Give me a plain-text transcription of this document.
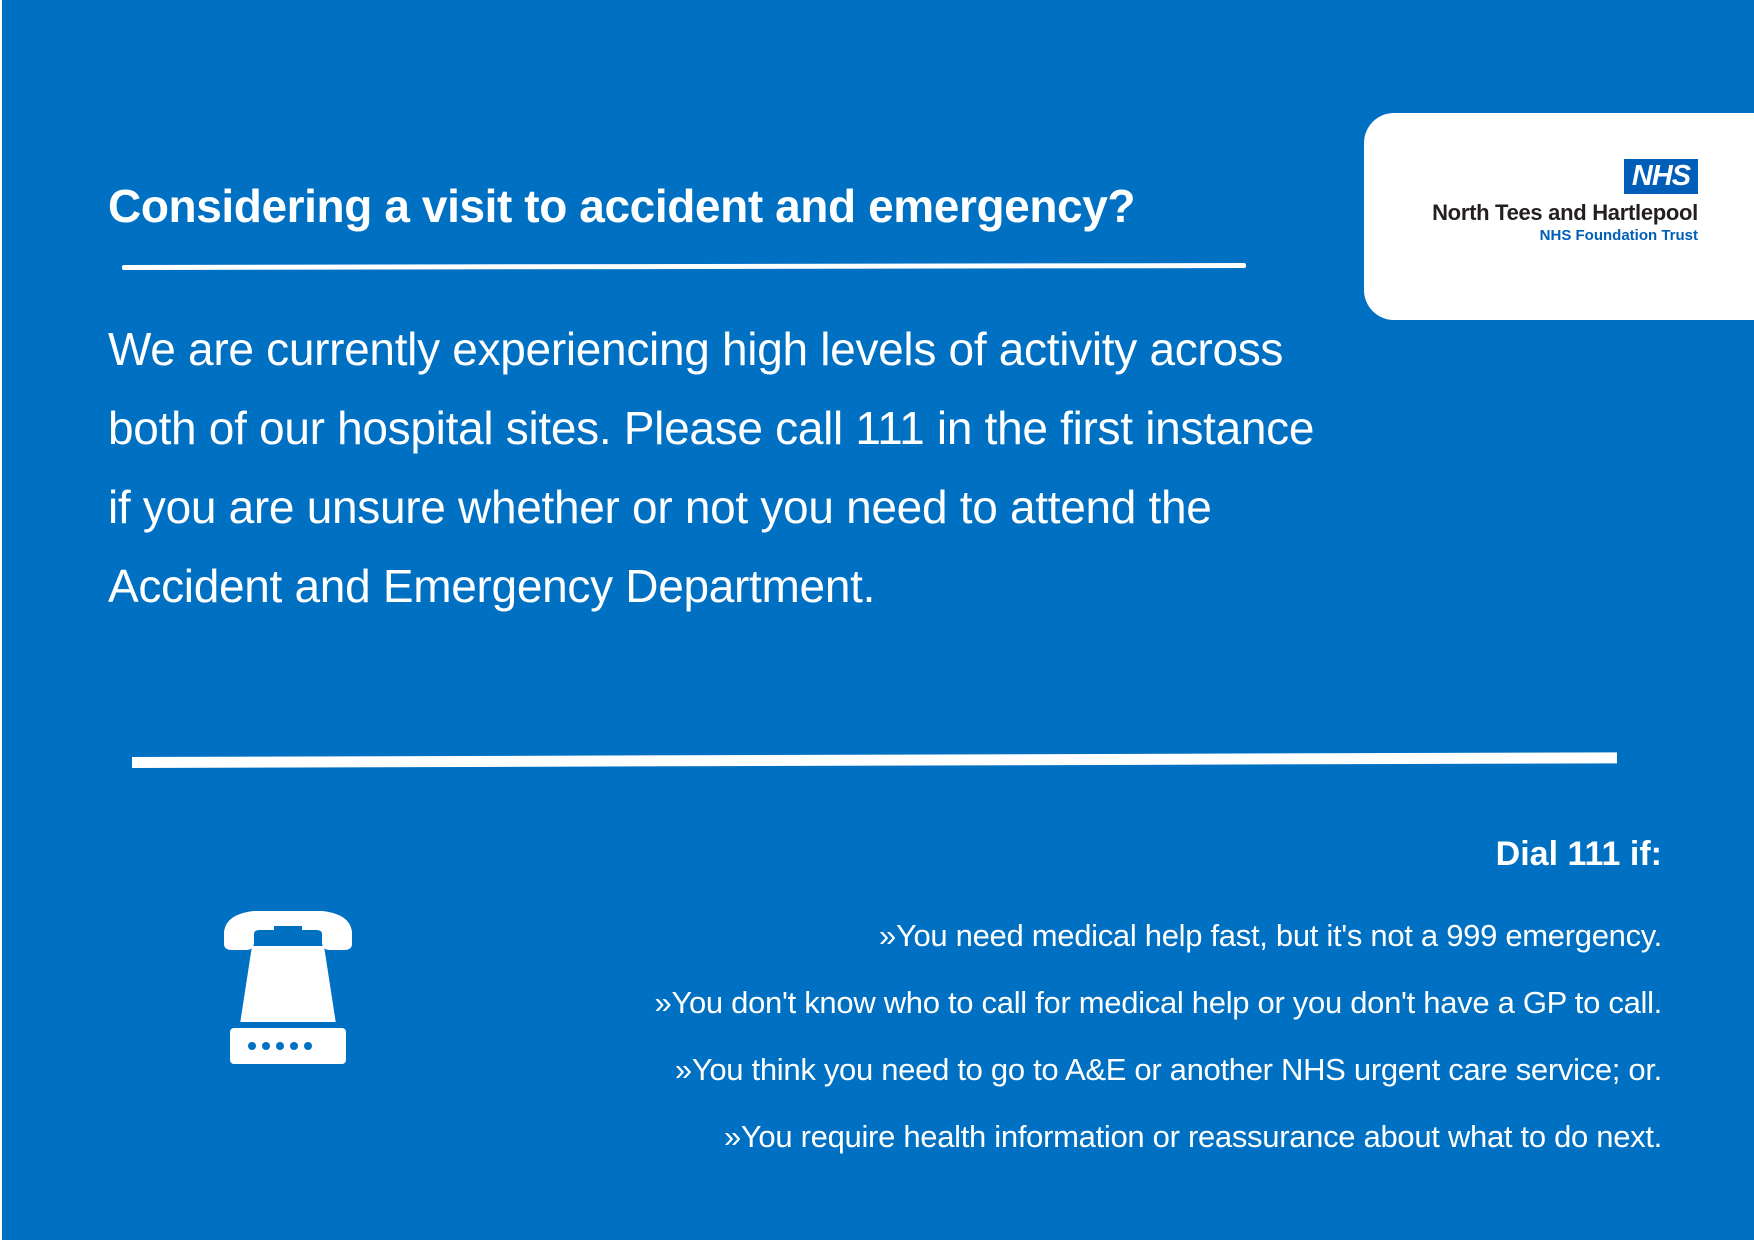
Considering a visit to accident and emergency?

We are currently experiencing high levels of activity across both of our hospital sites. Please call 111 in the first instance if you are unsure whether or not you need to attend the Accident and Emergency Department.

NHS
North Tees and Hartlepool
NHS Foundation Trust
Dial 111 if:
»You need medical help fast, but it's not a 999 emergency.
»You don't know who to call for medical help or you don't have a GP to call.
»You think you need to go to A&E or another NHS urgent care service; or.
»You require health information or reassurance about what to do next.
